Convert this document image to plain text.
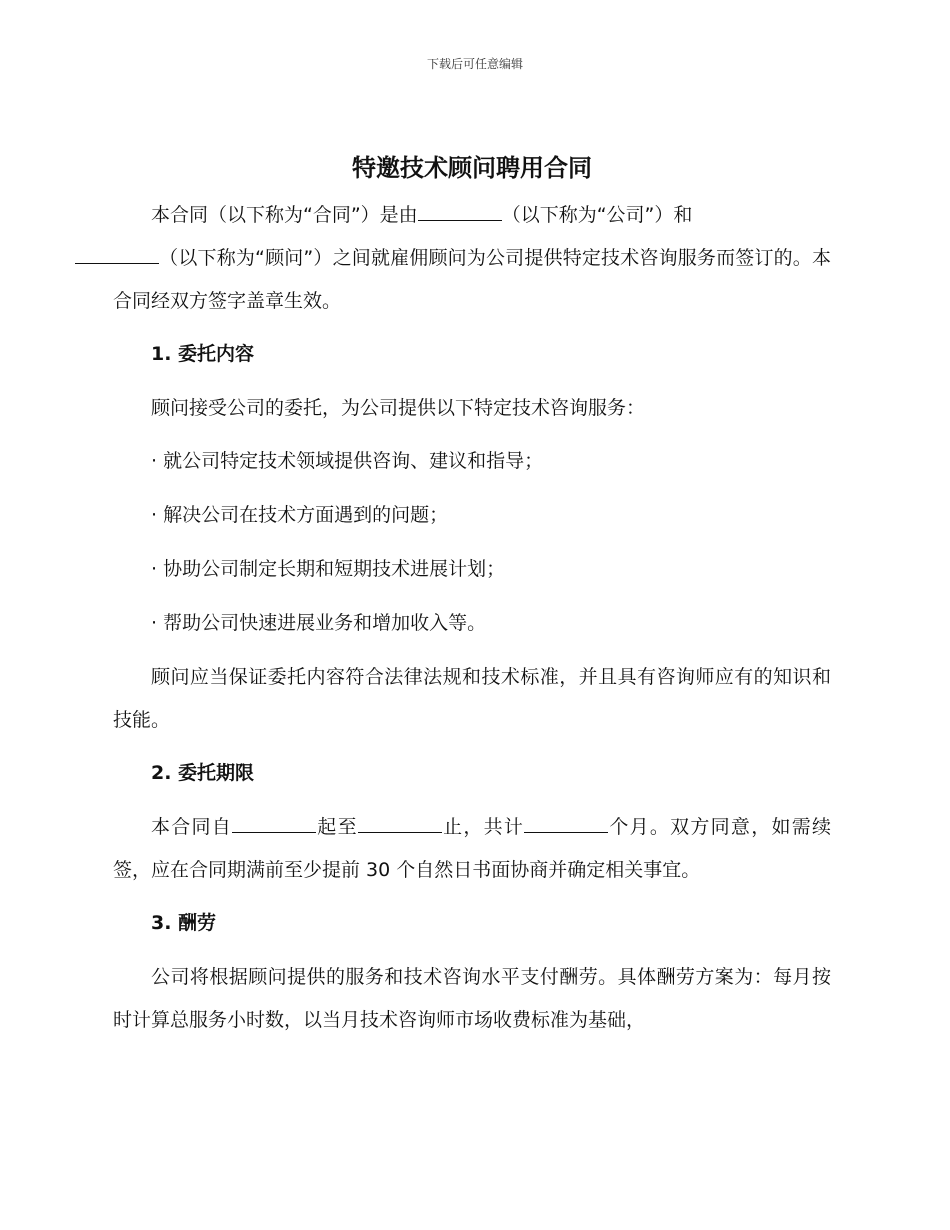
下载后可任意编辑
特邀技术顾问聘用合同

本合同（以下称为“合同”）是由	（以下称为“公司”）和
（以下称为“顾问”）之间就雇佣顾问为公司提供特定技术咨询服务而签订的。本合同经双方签字盖章生效。

1. 委托内容

顾问接受公司的委托，为公司提供以下特定技术咨询服务：

· 就公司特定技术领域提供咨询、建议和指导；

· 解决公司在技术方面遇到的问题；

· 协助公司制定长期和短期技术进展计划；

· 帮助公司快速进展业务和增加收入等。

顾问应当保证委托内容符合法律法规和技术标准，并且具有咨询师应有的知识和技能。

2. 委托期限

本合同自	起至	止，共计	个月。双方同意，如需续签，应在合同期满前至少提前 30 个自然日书面协商并确定相关事宜。

3. 酬劳

公司将根据顾问提供的服务和技术咨询水平支付酬劳。具体酬劳方案为：每月按时计算总服务小时数，以当月技术咨询师市场收费标准为基础，
